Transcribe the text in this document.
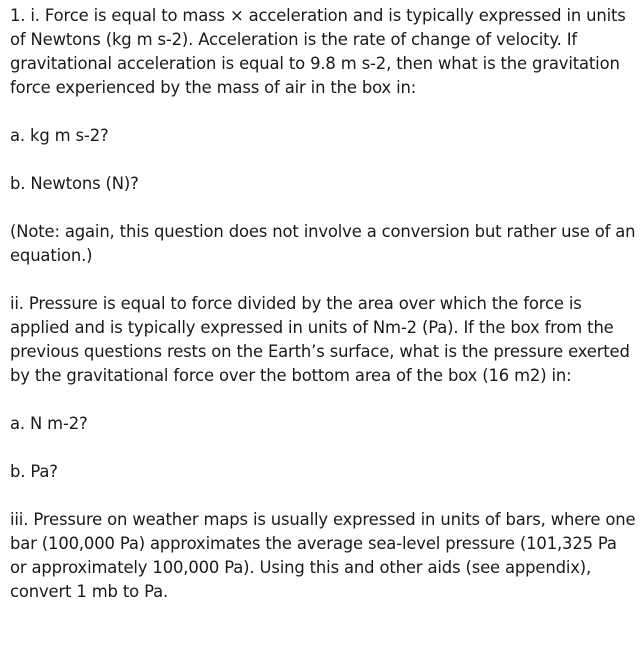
1. i. Force is equal to mass × acceleration and is typically expressed in units of Newtons (kg m s-2). Acceleration is the rate of change of velocity. If gravitational acceleration is equal to 9.8 m s-2, then what is the gravitation force experienced by the mass of air in the box in:

a. kg m s-2?

b. Newtons (N)?

(Note: again, this question does not involve a conversion but rather use of an equation.)

ii. Pressure is equal to force divided by the area over which the force is applied and is typically expressed in units of Nm-2 (Pa). If the box from the previous questions rests on the Earth’s surface, what is the pressure exerted by the gravitational force over the bottom area of the box (16 m2) in:

a. N m-2?

b. Pa?

iii. Pressure on weather maps is usually expressed in units of bars, where one bar (100,000 Pa) approximates the average sea-level pressure (101,325 Pa or approximately 100,000 Pa). Using this and other aids (see appendix), convert 1 mb to Pa.
